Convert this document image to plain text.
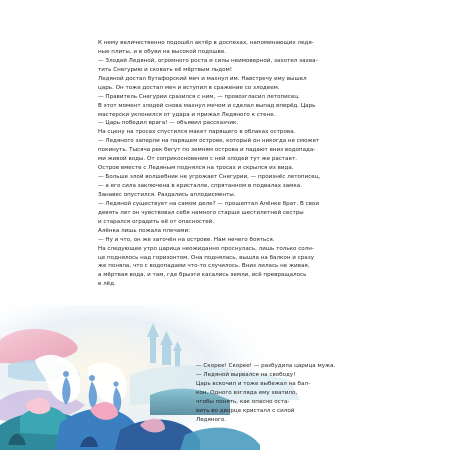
К нему величественно подошёл актёр в доспехах, напоминающих ледя-
ные плиты, и в обуви на высокой подошве.
— Злодей Ледяной, огромного роста и силы неимоверной, захотел захва-
тить Снегурию и сковать её мёртвым льдом!
Ледяной достал бутафорский меч и махнул им. Навстречу ему вышел
царь. Он тоже достал меч и вступил в сражение со злодеем.
— Правитель Снегурии сразился с ним, — провозгласил летописец.
В этот момент злодей снова махнул мечом и сделал выпад вперёд. Царь
мастерски уклонился от удара и прижал Ледяного к стене.
— Царь победил врага! — объявил рассказчик.
На сцену на тросах спустился макет парящего в облаках острова.
— Ледяного заперли на парящем острове, который он никогда не сможет
покинуть. Тысяча рек бегут по земням острова и падают вниз водопада-
ми живой воды. От соприкосновения с ней злодей тут же растает.
Остров вместе с Ледяным поднялся на тросах и скрылся из вида.
— Больше злой волшебник не угрожает Снегурии, — произнёс летописец,
— а его сила заключена в кристалле, спрятанном в подвалах замка.
Занавес опустился. Раздались аплодисменты.
— Ледяной существует на самом деле? — прошептал Алёнке брат. В свои
девять лет он чувствовал себя намного старше шестилетней сестры
и старался оградить её от опасностей.
Алёнка лишь пожала плечами:
— Ну и что, он же заточён на острове. Нам нечего бояться.
На следующее утро царица неожиданно проснулась, лишь только солн-
це поднялось над горизонтом. Она поднялась, вышла на балкон и сразу
же поняла, что с водопадами что-то случилось. Вниз лилась не живая,
а мёртвая вода, и там, где брызги касались земли, всё превращалось
в лёд.
— Скорее! Скорее! — разбудила царица мужа.
— Ледяной вырвался на свободу!
Царь вскочил и тоже выбежал на бал-
кон. Одного взгляда ему хватило,
чтобы понять, как опасно оста-
вить во дворце кристалл с силой
Ледяного.
